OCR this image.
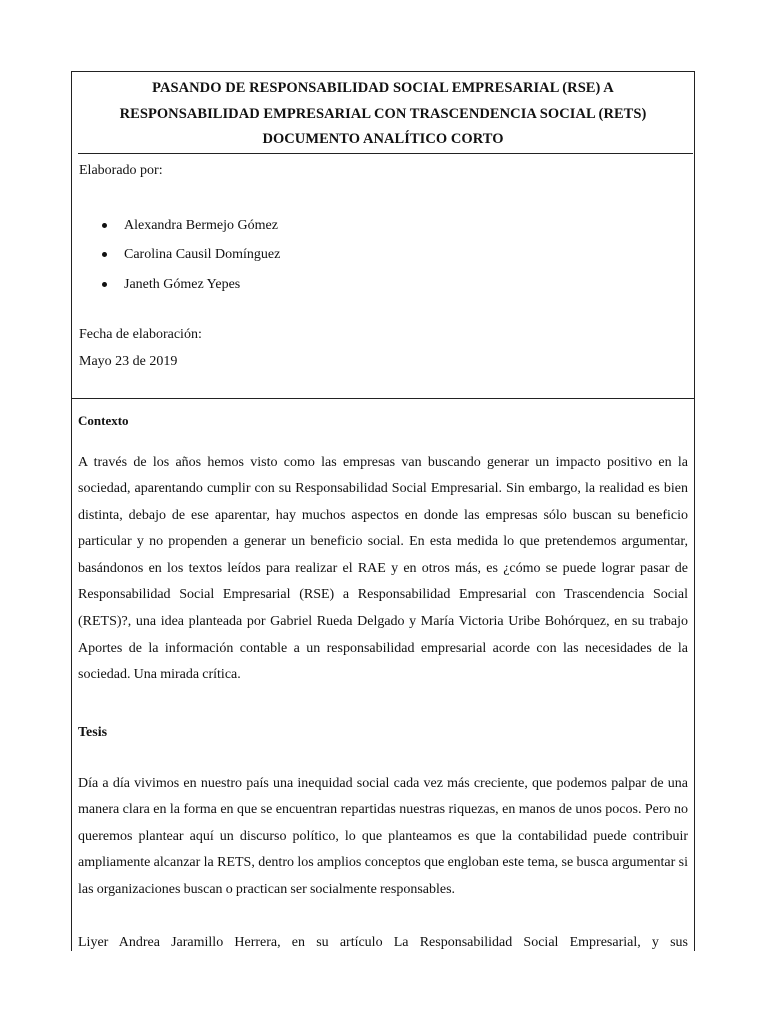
PASANDO DE RESPONSABILIDAD SOCIAL EMPRESARIAL (RSE) A
RESPONSABILIDAD EMPRESARIAL CON TRASCENDENCIA SOCIAL (RETS)
DOCUMENTO ANALÍTICO CORTO
Elaborado por:
Alexandra Bermejo Gómez
Carolina Causil Domínguez
Janeth Gómez Yepes
Fecha de elaboración:
Mayo 23 de 2019
Contexto
A través de los años hemos visto como las empresas van buscando generar un impacto positivo en la sociedad, aparentando cumplir con su Responsabilidad Social Empresarial. Sin embargo, la realidad es bien distinta, debajo de ese aparentar, hay muchos aspectos en donde las empresas sólo buscan su beneficio particular y no propenden a generar un beneficio social. En esta medida lo que pretendemos argumentar, basándonos en los textos leídos para realizar el RAE y en otros más, es ¿cómo se puede lograr pasar de Responsabilidad Social Empresarial (RSE) a Responsabilidad Empresarial con Trascendencia Social (RETS)?, una idea planteada por Gabriel Rueda Delgado y María Victoria Uribe Bohórquez, en su trabajo Aportes de la información contable a un responsabilidad empresarial acorde con las necesidades de la sociedad. Una mirada crítica.
Tesis
Día a día vivimos en nuestro país una inequidad social cada vez más creciente, que podemos palpar de una manera clara en la forma en que se encuentran repartidas nuestras riquezas, en manos de unos pocos. Pero no queremos plantear aquí un discurso político, lo que planteamos es que la contabilidad puede contribuir ampliamente alcanzar la RETS, dentro los amplios conceptos que engloban este tema, se busca argumentar si las organizaciones buscan o practican ser socialmente responsables.
Liyer Andrea Jaramillo Herrera, en su artículo La Responsabilidad Social Empresarial, y sus
